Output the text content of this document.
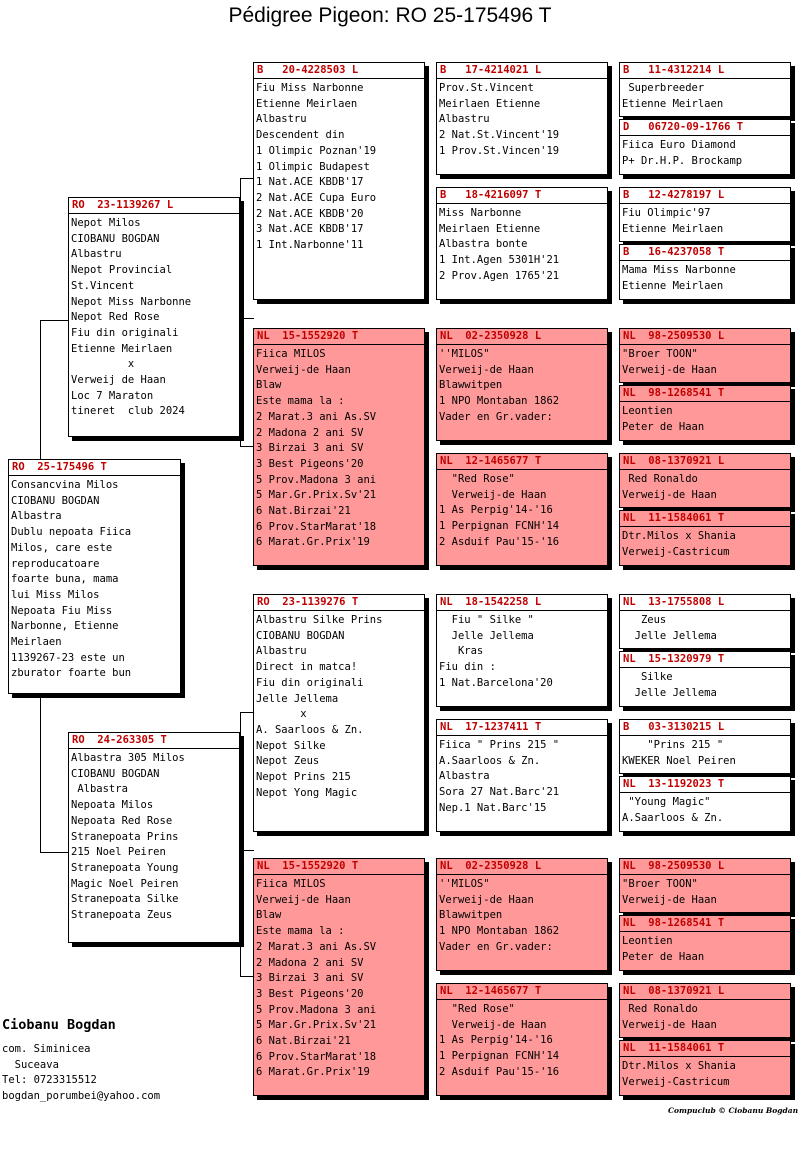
Pédigree Pigeon: RO 25-175496 T
RO  25-175496 T
Consancvina Milos
CIOBANU BOGDAN
Albastra
Dublu nepoata Fiica
Milos, care este
reproducatoare
foarte buna, mama
lui Miss Milos
Nepoata Fiu Miss
Narbonne, Etienne
Meirlaen
1139267-23 este un
zburator foarte bun
RO  23-1139267 L
Nepot Milos
CIOBANU BOGDAN
Albastru
Nepot Provincial
St.Vincent
Nepot Miss Narbonne
Nepot Red Rose
Fiu din originali
Etienne Meirlaen
x
Verweij de Haan
Loc 7 Maraton
tineret  club 2024
RO  24-263305 T
Albastra 305 Milos
CIOBANU BOGDAN
Albastra
Nepoata Milos
Nepoata Red Rose
Stranepoata Prins
215 Noel Peiren
Stranepoata Young
Magic Noel Peiren
Stranepoata Silke
Stranepoata Zeus
B   20-4228503 L
Fiu Miss Narbonne
Etienne Meirlaen
Albastru
Descendent din
1 Olimpic Poznan'19
1 Olimpic Budapest
1 Nat.ACE KBDB'17
2 Nat.ACE Cupa Euro
2 Nat.ACE KBDB'20
3 Nat.ACE KBDB'17
1 Int.Narbonne'11
NL  15-1552920 T
Fiica MILOS
Verweij-de Haan
Blaw
Este mama la :
2 Marat.3 ani As.SV
2 Madona 2 ani SV
3 Birzai 3 ani SV
3 Best Pigeons'20
5 Prov.Madona 3 ani
5 Mar.Gr.Prix.Sv'21
6 Nat.Birzai'21
6 Prov.StarMarat'18
6 Marat.Gr.Prix'19
RO  23-1139276 T
Albastru Silke Prins
CIOBANU BOGDAN
Albastru
Direct in matca!
Fiu din originali
Jelle Jellema
x
A. Saarloos & Zn.
Nepot Silke
Nepot Zeus
Nepot Prins 215
Nepot Yong Magic
NL  15-1552920 T
Fiica MILOS
Verweij-de Haan
Blaw
Este mama la :
2 Marat.3 ani As.SV
2 Madona 2 ani SV
3 Birzai 3 ani SV
3 Best Pigeons'20
5 Prov.Madona 3 ani
5 Mar.Gr.Prix.Sv'21
6 Nat.Birzai'21
6 Prov.StarMarat'18
6 Marat.Gr.Prix'19
B   17-4214021 L
Prov.St.Vincent
Meirlaen Etienne
Albastru
2 Nat.St.Vincent'19
1 Prov.St.Vincen'19
B   18-4216097 T
Miss Narbonne
Meirlaen Etienne
Albastra bonte
1 Int.Agen 5301H'21
2 Prov.Agen 1765'21
NL  02-2350928 L
''MILOS"
Verweij-de Haan
Blawwitpen
1 NPO Montaban 1862
Vader en Gr.vader:
NL  12-1465677 T
"Red Rose"
Verweij-de Haan
1 As Perpig'14-'16
1 Perpignan FCNH'14
2 Asduif Pau'15-'16
NL  18-1542258 L
Fiu " Silke "
Jelle Jellema
Kras
Fiu din :
1 Nat.Barcelona'20
NL  17-1237411 T
Fiica " Prins 215 "
A.Saarloos & Zn.
Albastra
Sora 27 Nat.Barc'21
Nep.1 Nat.Barc'15
NL  02-2350928 L
''MILOS"
Verweij-de Haan
Blawwitpen
1 NPO Montaban 1862
Vader en Gr.vader:
NL  12-1465677 T
"Red Rose"
Verweij-de Haan
1 As Perpig'14-'16
1 Perpignan FCNH'14
2 Asduif Pau'15-'16
B   11-4312214 L
Superbreeder
Etienne Meirlaen
D   06720-09-1766 T
Fiica Euro Diamond
P+ Dr.H.P. Brockamp
B   12-4278197 L
Fiu Olimpic'97
Etienne Meirlaen
B   16-4237058 T
Mama Miss Narbonne
Etienne Meirlaen
NL  98-2509530 L
"Broer TOON"
Verweij-de Haan
NL  98-1268541 T
Leontien
Peter de Haan
NL  08-1370921 L
Red Ronaldo
Verweij-de Haan
NL  11-1584061 T
Dtr.Milos x Shania
Verweij-Castricum
NL  13-1755808 L
Zeus
Jelle Jellema
NL  15-1320979 T
Silke
Jelle Jellema
B   03-3130215 L
"Prins 215 "
KWEKER Noel Peiren
NL  13-1192023 T
"Young Magic"
A.Saarloos & Zn.
NL  98-2509530 L
"Broer TOON"
Verweij-de Haan
NL  98-1268541 T
Leontien
Peter de Haan
NL  08-1370921 L
Red Ronaldo
Verweij-de Haan
NL  11-1584061 T
Dtr.Milos x Shania
Verweij-Castricum
Ciobanu Bogdan
com. Siminicea
Suceava
Tel: 0723315512
bogdan_porumbei@yahoo.com
Compuclub © Ciobanu Bogdan
